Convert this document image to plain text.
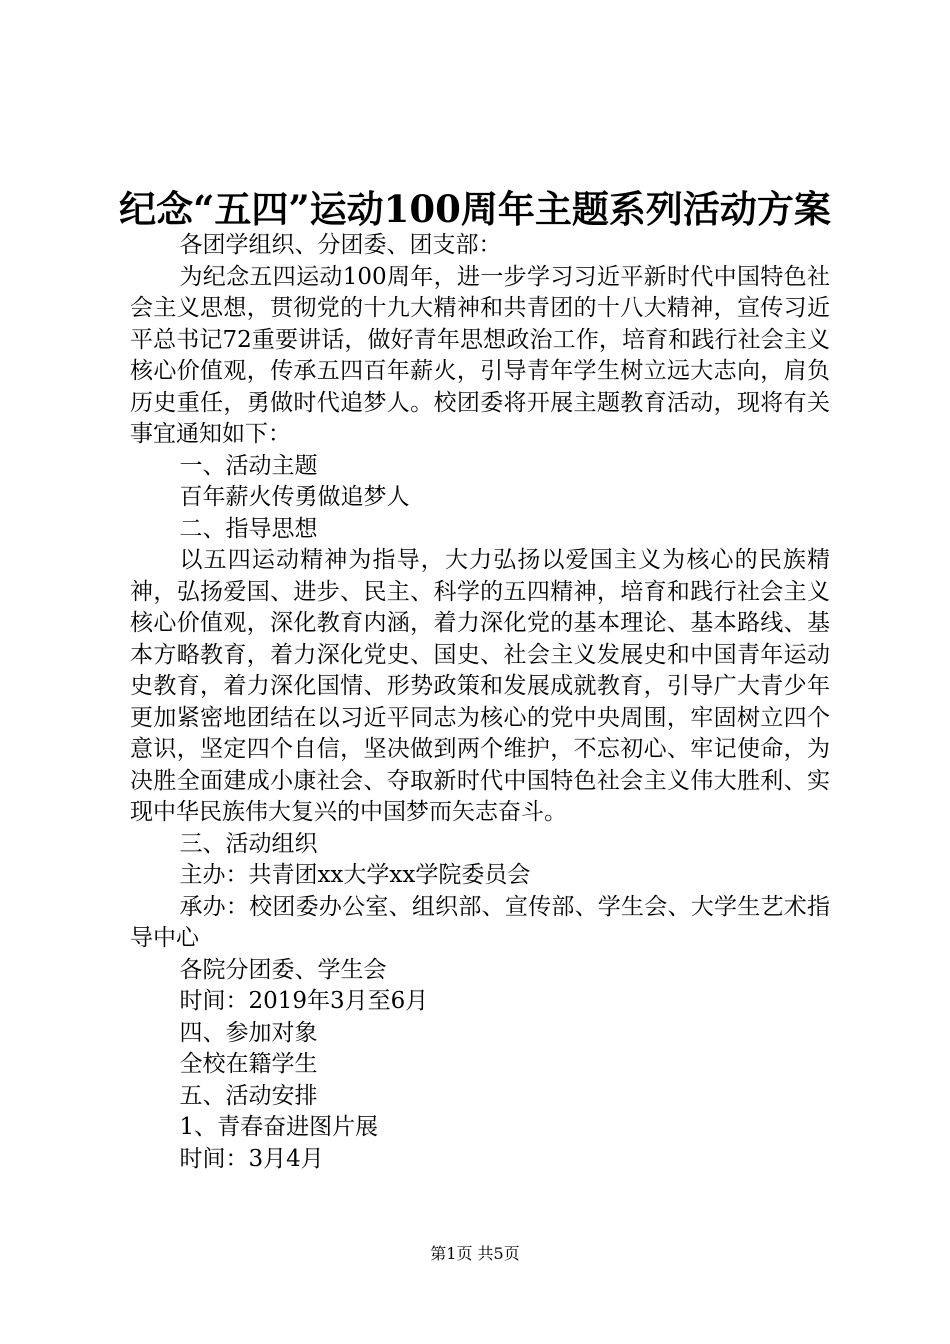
纪念“五四”运动100周年主题系列活动方案

各团学组织、分团委、团支部：

为纪念五四运动100周年，进一步学习习近平新时代中国特色社会主义思想，贯彻党的十九大精神和共青团的十八大精神，宣传习近平总书记72重要讲话，做好青年思想政治工作，培育和践行社会主义核心价值观，传承五四百年薪火，引导青年学生树立远大志向，肩负历史重任，勇做时代追梦人。校团委将开展主题教育活动，现将有关事宜通知如下：

一、活动主题

百年薪火传勇做追梦人

二、指导思想

以五四运动精神为指导，大力弘扬以爱国主义为核心的民族精神，弘扬爱国、进步、民主、科学的五四精神，培育和践行社会主义核心价值观，深化教育内涵，着力深化党的基本理论、基本路线、基本方略教育，着力深化党史、国史、社会主义发展史和中国青年运动史教育，着力深化国情、形势政策和发展成就教育，引导广大青少年更加紧密地团结在以习近平同志为核心的党中央周围，牢固树立四个意识，坚定四个自信，坚决做到两个维护，不忘初心、牢记使命，为决胜全面建成小康社会、夺取新时代中国特色社会主义伟大胜利、实现中华民族伟大复兴的中国梦而矢志奋斗。

三、活动组织

主办：共青团xx大学xx学院委员会

承办：校团委办公室、组织部、宣传部、学生会、大学生艺术指导中心

各院分团委、学生会

时间：2019年3月至6月

四、参加对象

全校在籍学生

五、活动安排

1、青春奋进图片展

时间：3月4月

第1页 共5页
